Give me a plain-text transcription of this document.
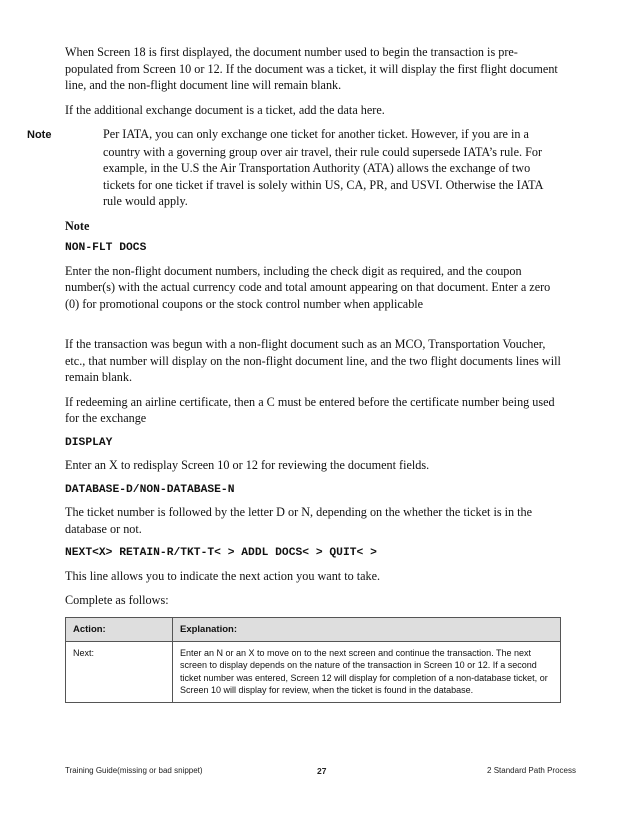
When Screen 18 is first displayed, the document number used to begin the transaction is pre-populated from Screen 10 or 12. If the document was a ticket, it will display the first flight document line, and the non-flight document line will remain blank.

If the additional exchange document is a ticket, add the data here.

Note	Per IATA, you can only exchange one ticket for another ticket. However, if you are in a country with a governing group over air travel, their rule could supersede IATA’s rule. For example, in the U.S the Air Transportation Authority (ATA) allows the exchange of two tickets for one ticket if travel is solely within US, CA, PR, and USVI. Otherwise the IATA rule would apply.

Note

NON-FLT DOCS

Enter the non-flight document numbers, including the check digit as required, and the coupon number(s) with the actual currency code and total amount appearing on that document. Enter a zero (0) for promotional coupons or the stock control number when applicable

If the transaction was begun with a non-flight document such as an MCO, Transportation Voucher, etc., that number will display on the non-flight document line, and the two flight documents lines will remain blank.

If redeeming an airline certificate, then a C must be entered before the certificate number being used for the exchange

DISPLAY

Enter an X to redisplay Screen 10 or 12 for reviewing the document fields.

DATABASE-D/NON-DATABASE-N

The ticket number is followed by the letter D or N, depending on the whether the ticket is in the database or not.

NEXT<X> RETAIN-R/TKT-T< > ADDL DOCS< > QUIT< >

This line allows you to indicate the next action you want to take.

Complete as follows:

Action:	Explanation:
Next:	Enter an N or an X to move on to the next screen and continue the transaction. The next screen to display depends on the nature of the transaction in Screen 10 or 12. If a second ticket number was entered, Screen 12 will display for completion of a non-database ticket, or Screen 10 will display for review, when the ticket is found in the database.
Training Guide(missing or bad snippet)	27	2 Standard Path Process
